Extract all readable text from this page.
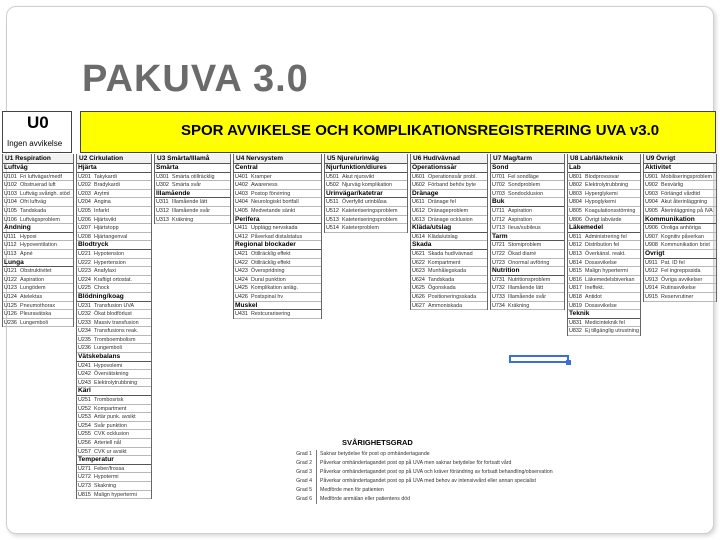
PAKUVA 3.0
U0
Ingen avvikelse
SPOR AVVIKELSE OCH KOMPLIKATIONSREGISTRERING UVA v3.0
U1 Respiration
Luftväg
U101 Fri luftvägar/medf
U102 Obstruerad luft
U103 Luftväg svårigh. stöd
U104 Ofri luftväg
U105 Tandskada
U106 Luftvägsproblem
Andning
U111 Hypoxi
U112 Hypoventilation
U113 Apné
Lunga
U121 Obstruktivitet
U122 Aspiration
U123 Lungödem
U124 Atelektas
U125 Pneumothorax
U126 Pleuravätska
U236 Lungemboli
U2 Cirkulation
Hjärta
U201 Takykardi
U202 Bradykardi
U203 Arytmi
U204 Angina
U205 Infarkt
U206 Hjärtsvikt
U207 Hjärtstopp
U208 Hjärtangenval
Blodtryck
U221 Hypotension
U222 Hypertension
U223 Anafylaxi
U224 Kraftigt ortostat.
U225 Chock
Blödning/koag
U231 Transfusion UVA
U232 Ökat blodförlust
U233 Massiv transfusion
U234 Transfusions reak.
U235 Tromboembolism
U236 Lungemboli
Vätskebalans
U241 Hypovolemi
U242 Övervätskning
U243 Elektrolytrubbning
Kärl
U251 Trombosrisk
U252 Kompartment
U253 Artär punk. avsikt
U254 Svår punktion
U255 CVK ocklusion
U256 Arteriell nål
U257 CVK ur avsikt
Temperatur
U271 Feber/frossa
U272 Hypotermi
U273 Skakning
U815 Malign hypertermi
U3 Smärta/Illamå
Smärta
U301 Smärta otillräcklig
U302 Smärta svår
Illamående
U311 Illamående lätt
U312 Illamående svår
U313 Kräkning
U4 Nervsystem
Central
U401 Kramper
U402 Awareness
U403 Postop förvirring
U404 Neurologiskt bortfall
U405 Medvetande sänkt
Perifera
U411 Upplägg nervskada
U412 Påverkad distalstatus
Regional blockader
U421 Otillräcklig effekt
U422 Otillräcklig effekt
U423 Överspridning
U424 Dural punktion
U425 Komplikation anläg.
U426 Postspinal hv
Muskel
U431 Restcurarisering
U5 Njure/urinväg
Njurfunktion/diures
U501 Akut njursvikt
U502 Njurväg komplikation
Urinvägar/katetrar
U511 Överfylld urinblåsa
U512 Kateteriseringsproblem
U513 Kateteriseringsproblem
U514 Kateterproblem
U6 Hud/vävnad
Operationssår
U601 Operationssår probl.
U602 Förband behöv byte
Dränage
U611 Dränage fel
U612 Dränageproblem
U613 Dränage ocklusion
Kläda/utslag
U614 Kläda/utslag
Skada
U621 Skada hud/vävnad
U622 Kompartment
U623 Munhålegskada
U624 Tandskada
U625 Ögonskada
U626 Positioneringsskada
U627 Ammoniskada
U7 Mag/tarm
Sond
U701 Fel sondläge
U702 Sondproblem
U703 Sondocklusion
Buk
U711 Aspiration
U712 Aspiration
U713 Ileus/subileus
Tarm
U721 Stomiproblem
U722 Ökad diarré
U723 Onormal avföring
Nutrition
U731 Nutritionsproblem
U732 Illamående lätt
U733 Illamående svår
U734 Kräkning
U8 Lab/läk/teknik
Lab
U801 Blodprovssvar
U802 Elektrolytrubbning
U803 Hyperglykemi
U804 Hypoglykemi
U805 Koagulationsstörning
U806 Övrigt labvärde
Läkemedel
U811 Administrering fel
U812 Distribution fel
U813 Överkänsl. reakt.
U814 Dosavvikelse
U815 Malign hypertermi
U816 Läkemedelsbiverkan
U817 Ineffekt.
U818 Antidot
U819 Dosavvikelse
Teknik
U831 Medicinteknik fel
U832 Ej tillgänglig utrustning
U9 Övrigt
Aktivitet
U901 Mobiliseringsproblem
U902 Besvärlig
U903 Förlängd vårdtid
U904 Akut återinläggning
U905 Återinläggning på IVA
Kommunikation
U906 Oroliga anhöriga
U907 Kognitiv påverkan
U908 Kommunikation brist
Övrigt
U911 Pat. ID fel
U912 Fel ingreppssida
U913 Övriga avvikelser
U914 Rutinavvikelse
U915 Reservrutiner
SVÅRIGHETSGRAD
Grad 1 Saknar betydelse för post op omhändertagande
Grad 2 Påverkar omhändertagandet post op på UVA men saknar betydelse för fortsatt vård
Grad 3 Påverkar omhändertagandet post op på UVA och kräver förändring av fortsatt behandling/observation
Grad 4 Påverkar omhändertagandet post op på UVA med behov av intensivvård eller annan specialist
Grad 5 Medförde men för patienten
Grad 6 Medförde anmälan eller patientens död
